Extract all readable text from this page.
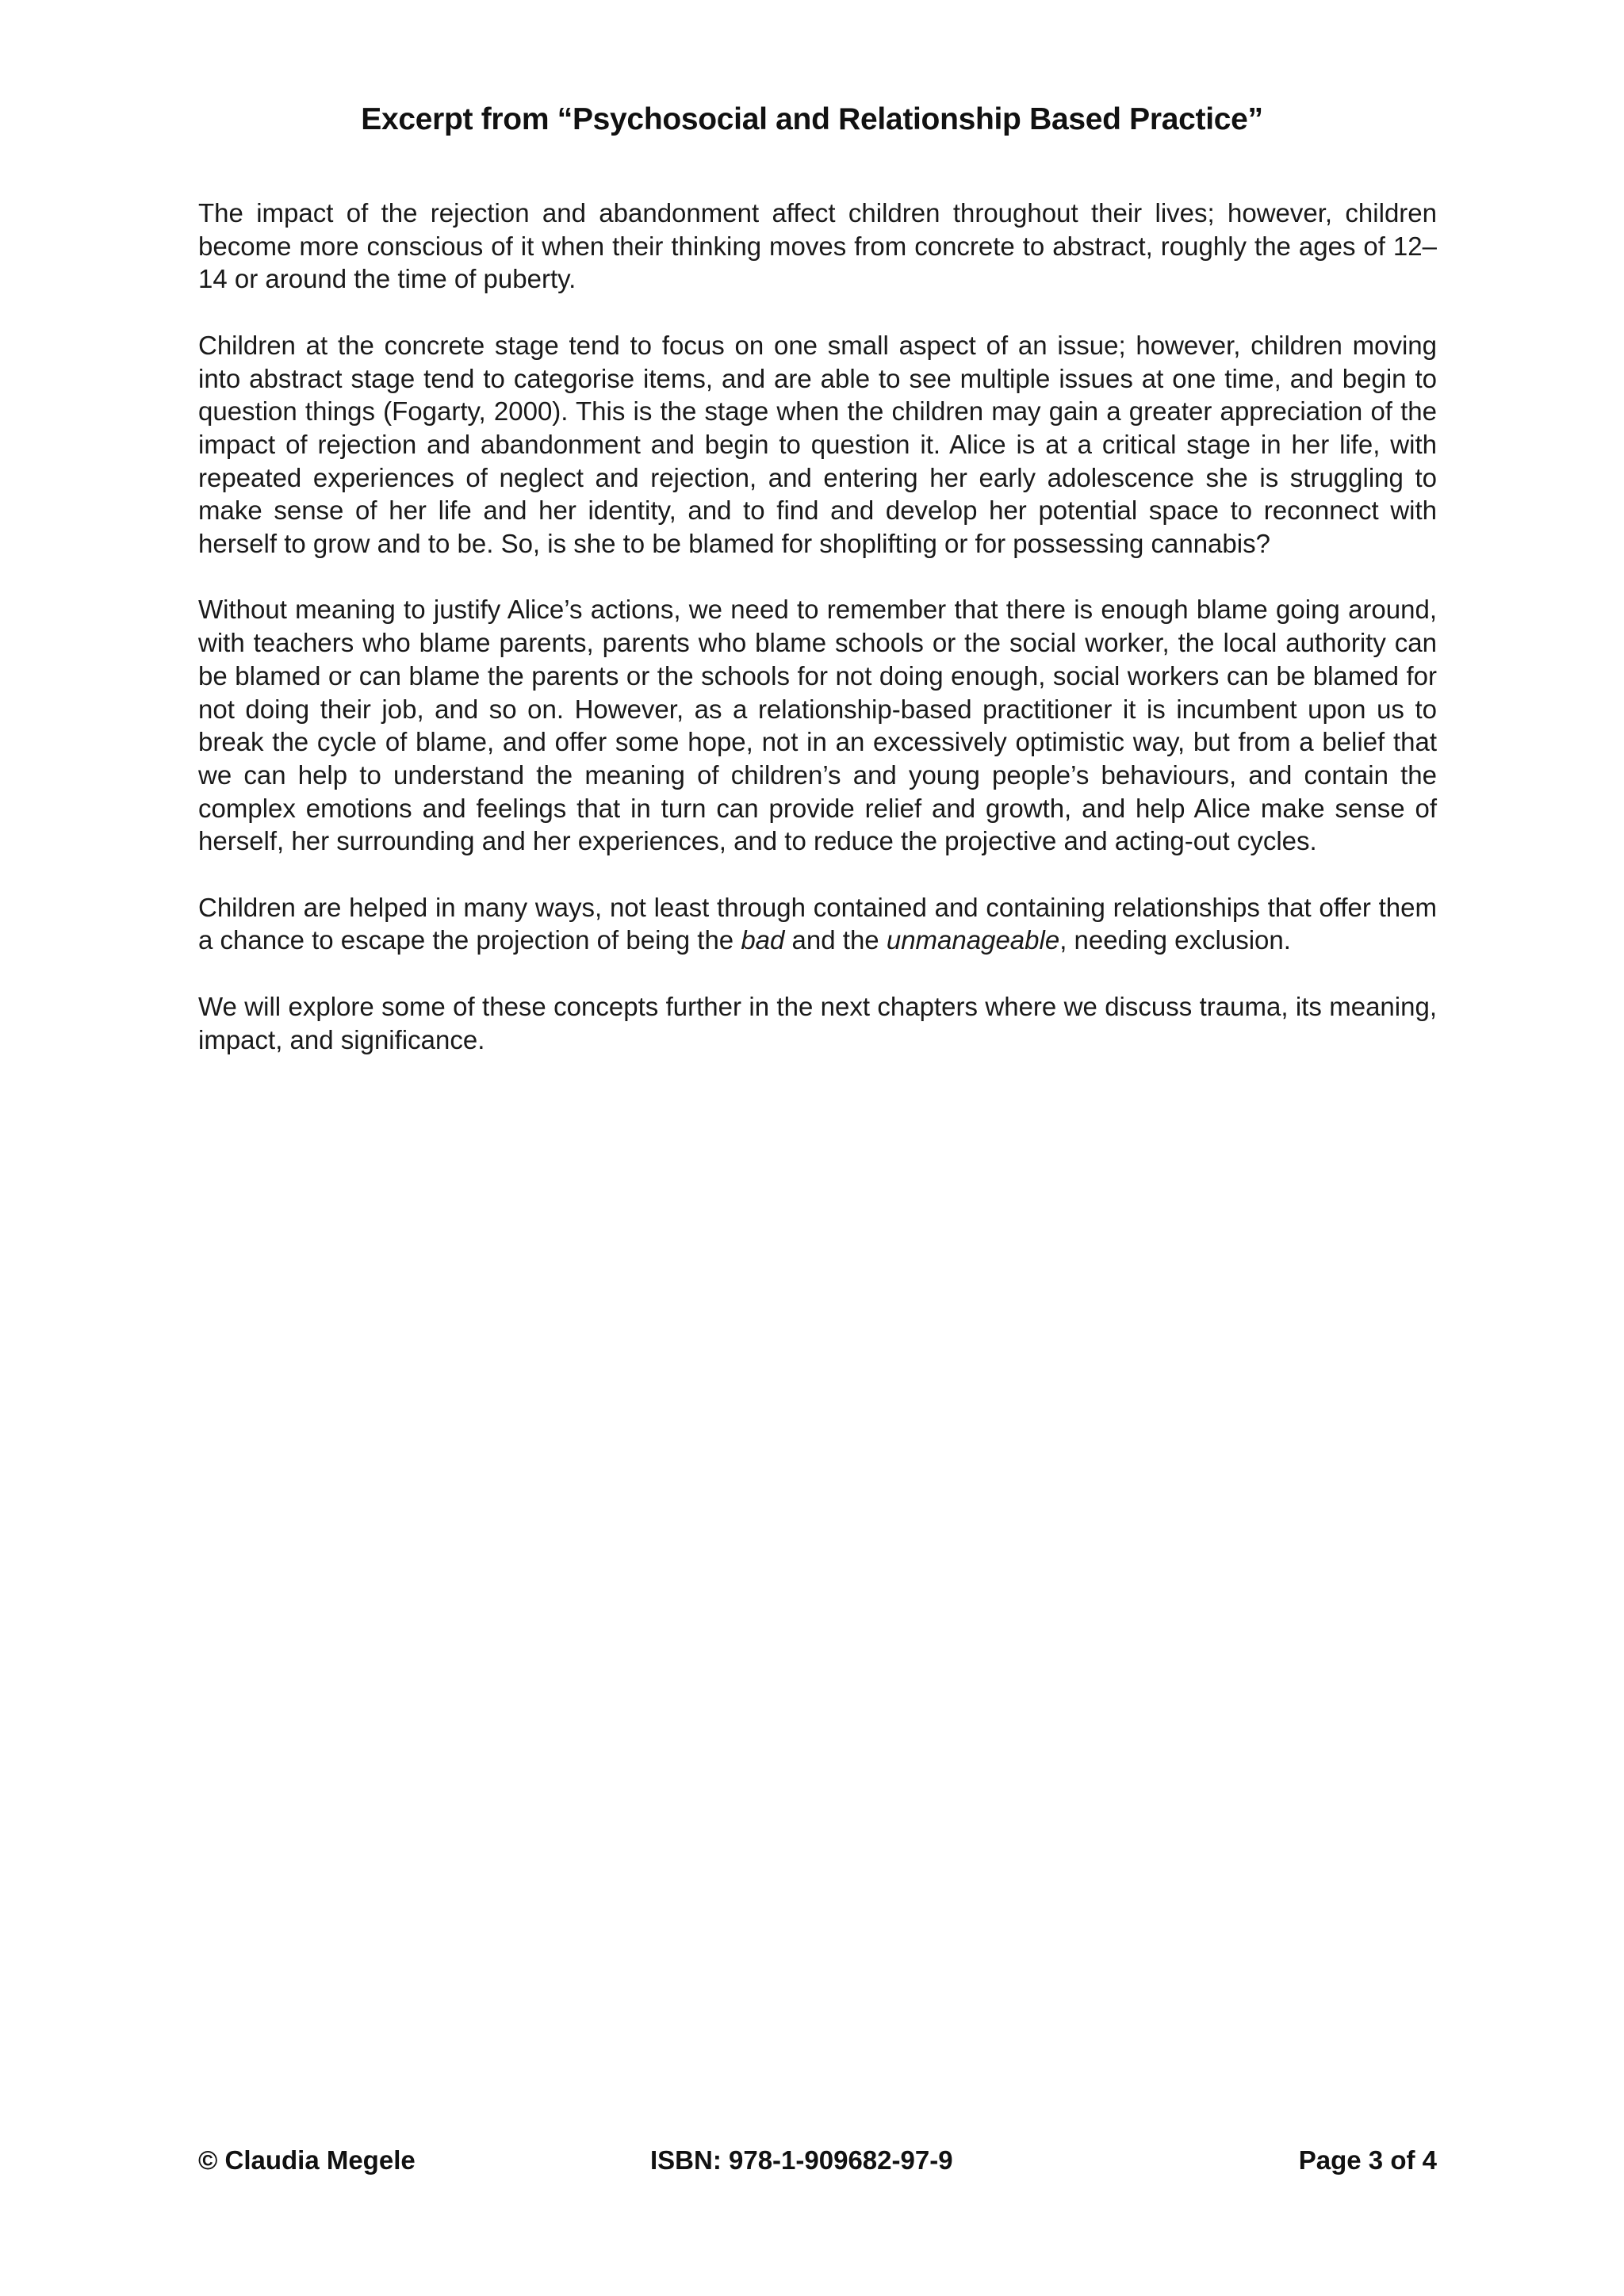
Excerpt from “Psychosocial and Relationship Based Practice”

The impact of the rejection and abandonment affect children throughout their lives; however, children become more conscious of it when their thinking moves from concrete to abstract, roughly the ages of 12–14 or around the time of puberty.

Children at the concrete stage tend to focus on one small aspect of an issue; however, children moving into abstract stage tend to categorise items, and are able to see multiple issues at one time, and begin to question things (Fogarty, 2000). This is the stage when the children may gain a greater appreciation of the impact of rejection and abandonment and begin to question it. Alice is at a critical stage in her life, with repeated experiences of neglect and rejection, and entering her early adolescence she is struggling to make sense of her life and her identity, and to find and develop her potential space to reconnect with herself to grow and to be. So, is she to be blamed for shoplifting or for possessing cannabis?

Without meaning to justify Alice’s actions, we need to remember that there is enough blame going around, with teachers who blame parents, parents who blame schools or the social worker, the local authority can be blamed or can blame the parents or the schools for not doing enough, social workers can be blamed for not doing their job, and so on. However, as a relationship-based practitioner it is incumbent upon us to break the cycle of blame, and offer some hope, not in an excessively optimistic way, but from a belief that we can help to understand the meaning of children’s and young people’s behaviours, and contain the complex emotions and feelings that in turn can provide relief and growth, and help Alice make sense of herself, her surrounding and her experiences, and to reduce the projective and acting-out cycles.

Children are helped in many ways, not least through contained and containing relationships that offer them a chance to escape the projection of being the bad and the unmanageable, needing exclusion.

We will explore some of these concepts further in the next chapters where we discuss trauma, its meaning, impact, and significance.

© Claudia Megele	ISBN: 978-1-909682-97-9	Page 3 of 4
